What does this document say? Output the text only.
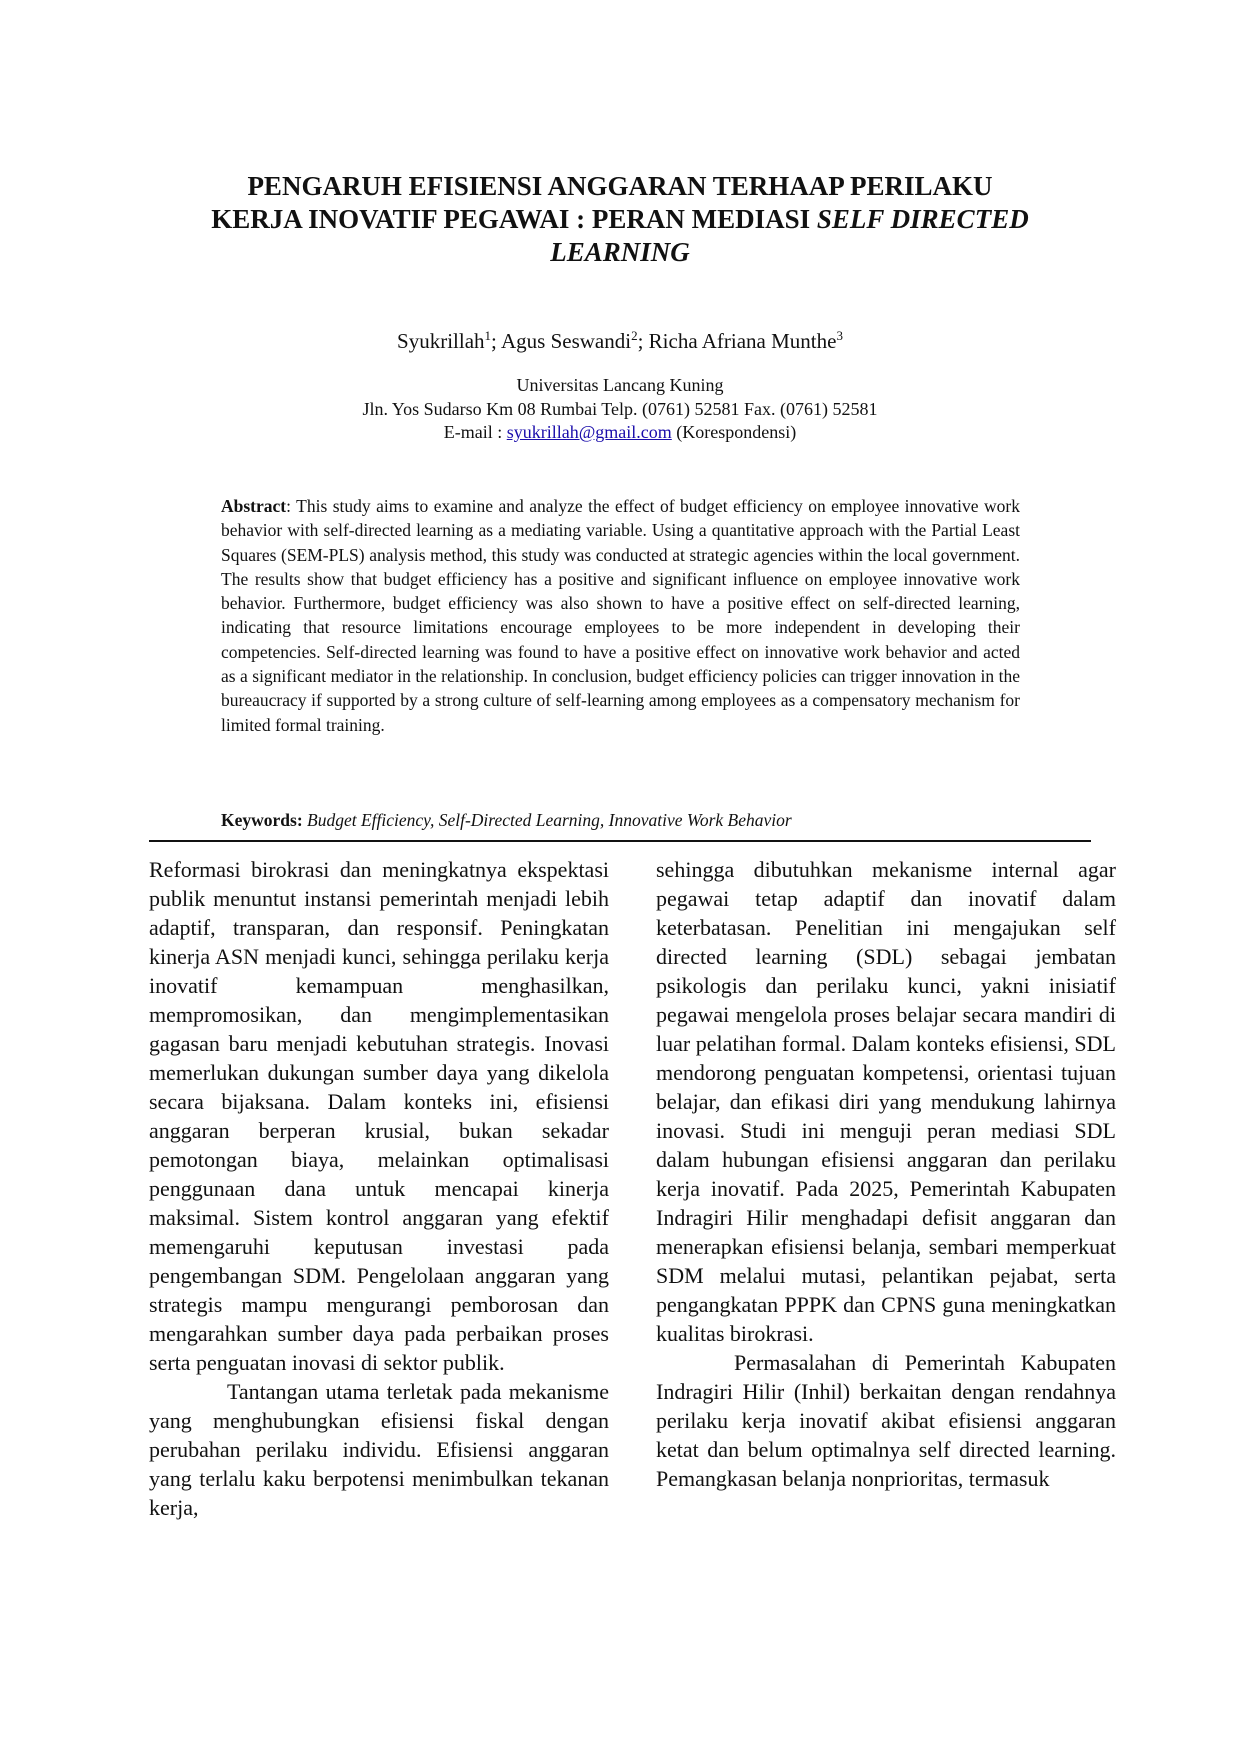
PENGARUH EFISIENSI ANGGARAN TERHAAP PERILAKU
KERJA INOVATIF PEGAWAI : PERAN MEDIASI SELF DIRECTED
LEARNING
Syukrillah$^1$; Agus Seswandi$^2$; Richa Afriana Munthe$^3$
Universitas Lancang Kuning
Jln. Yos Sudarso Km 08 Rumbai Telp. (0761) 52581 Fax. (0761) 52581
E-mail : syukrillah@gmail.com (Korespondensi)

Abstract: This study aims to examine and analyze the effect of budget efficiency on employee innovative work behavior with self-directed learning as a mediating variable. Using a quantitative approach with the Partial Least Squares (SEM-PLS) analysis method, this study was conducted at strategic agencies within the local government. The results show that budget efficiency has a positive and significant influence on employee innovative work behavior. Furthermore, budget efficiency was also shown to have a positive effect on self-directed learning, indicating that resource limitations encourage employees to be more independent in developing their competencies. Self-directed learning was found to have a positive effect on innovative work behavior and acted as a significant mediator in the relationship. In conclusion, budget efficiency policies can trigger innovation in the bureaucracy if supported by a strong culture of self-learning among employees as a compensatory mechanism for limited formal training.

Keywords: Budget Efficiency, Self-Directed Learning, Innovative Work Behavior

Reformasi birokrasi dan meningkatnya ekspektasi publik menuntut instansi pemerintah menjadi lebih adaptif, transparan, dan responsif. Peningkatan kinerja ASN menjadi kunci, sehingga perilaku kerja inovatif kemampuan menghasilkan, mempromosikan, dan mengimplementasikan gagasan baru menjadi kebutuhan strategis. Inovasi memerlukan dukungan sumber daya yang dikelola secara bijaksana. Dalam konteks ini, efisiensi anggaran berperan krusial, bukan sekadar pemotongan biaya, melainkan optimalisasi penggunaan dana untuk mencapai kinerja maksimal. Sistem kontrol anggaran yang efektif memengaruhi keputusan investasi pada pengembangan SDM. Pengelolaan anggaran yang strategis mampu mengurangi pemborosan dan mengarahkan sumber daya pada perbaikan proses serta penguatan inovasi di sektor publik.

Tantangan utama terletak pada mekanisme yang menghubungkan efisiensi fiskal dengan perubahan perilaku individu. Efisiensi anggaran yang terlalu kaku berpotensi menimbulkan tekanan kerja,

sehingga dibutuhkan mekanisme internal agar pegawai tetap adaptif dan inovatif dalam keterbatasan. Penelitian ini mengajukan self directed learning (SDL) sebagai jembatan psikologis dan perilaku kunci, yakni inisiatif pegawai mengelola proses belajar secara mandiri di luar pelatihan formal. Dalam konteks efisiensi, SDL mendorong penguatan kompetensi, orientasi tujuan belajar, dan efikasi diri yang mendukung lahirnya inovasi. Studi ini menguji peran mediasi SDL dalam hubungan efisiensi anggaran dan perilaku kerja inovatif. Pada 2025, Pemerintah Kabupaten Indragiri Hilir menghadapi defisit anggaran dan menerapkan efisiensi belanja, sembari memperkuat SDM melalui mutasi, pelantikan pejabat, serta pengangkatan PPPK dan CPNS guna meningkatkan kualitas birokrasi.

Permasalahan di Pemerintah Kabupaten Indragiri Hilir (Inhil) berkaitan dengan rendahnya perilaku kerja inovatif akibat efisiensi anggaran ketat dan belum optimalnya self directed learning. Pemangkasan belanja nonprioritas, termasuk
